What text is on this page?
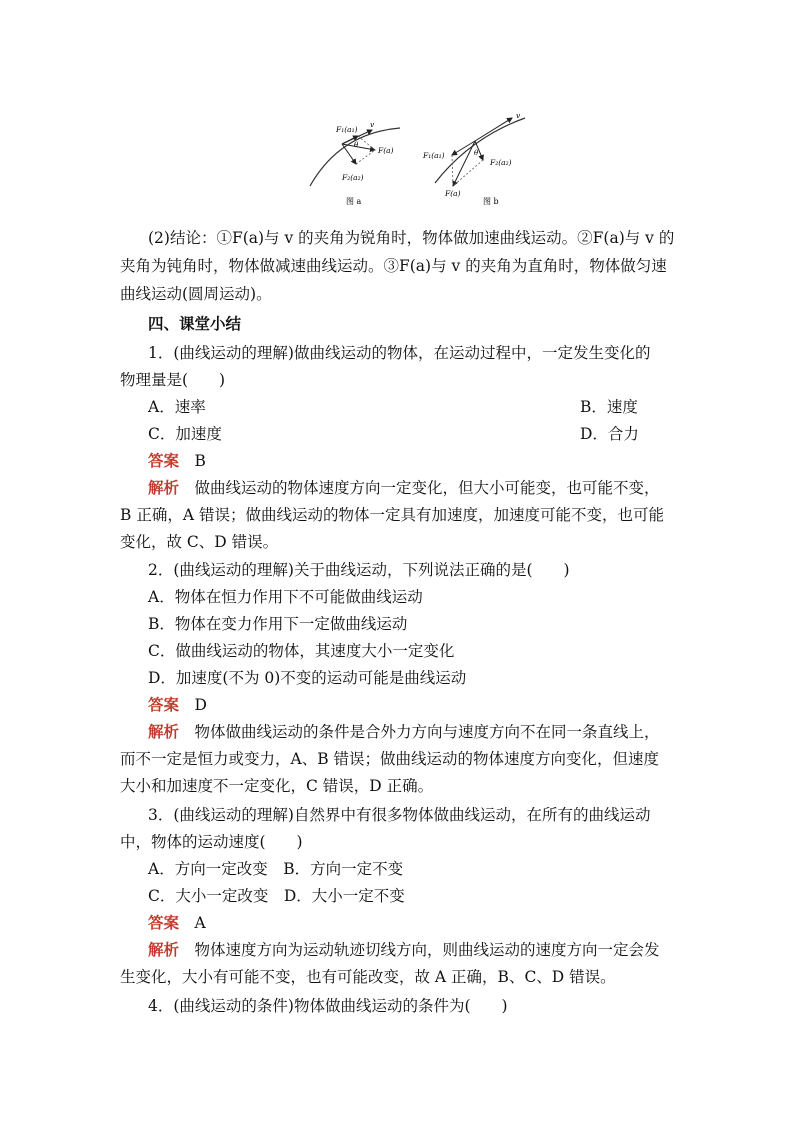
F₁(a₁)
v
θ
F(a)
F₂(a₂)
图 a
v
F₁(a₁)	θ
F₂(a₂)
F(a)
图 b
(2)结论：①F(a)与 v 的夹角为锐角时，物体做加速曲线运动。②F(a)与 v 的
夹角为钝角时，物体做减速曲线运动。③F(a)与 v 的夹角为直角时，物体做匀速
曲线运动(圆周运动)。
四、课堂小结
1．(曲线运动的理解)做曲线运动的物体，在运动过程中，一定发生变化的
物理量是(　　)
A．速率	B．速度
C．加速度	D．合力
答案　 B
解析　 做曲线运动的物体速度方向一定变化，但大小可能变，也可能不变，
B 正确，A 错误；做曲线运动的物体一定具有加速度，加速度可能不变，也可能
变化，故 C、D 错误。
2．(曲线运动的理解)关于曲线运动，下列说法正确的是(　　)
A．物体在恒力作用下不可能做曲线运动
B．物体在变力作用下一定做曲线运动
C．做曲线运动的物体，其速度大小一定变化
D．加速度(不为 0)不变的运动可能是曲线运动
答案　 D
解析　 物体做曲线运动的条件是合外力方向与速度方向不在同一条直线上，
而不一定是恒力或变力，A、B 错误；做曲线运动的物体速度方向变化，但速度
大小和加速度不一定变化，C 错误，D 正确。
3．(曲线运动的理解)自然界中有很多物体做曲线运动，在所有的曲线运动
中，物体的运动速度(　　)
A．方向一定改变　B．方向一定不变
C．大小一定改变　D．大小一定不变
答案　 A
解析　 物体速度方向为运动轨迹切线方向，则曲线运动的速度方向一定会发
生变化，大小有可能不变，也有可能改变，故 A 正确，B、C、D 错误。
4．(曲线运动的条件)物体做曲线运动的条件为(　　)
